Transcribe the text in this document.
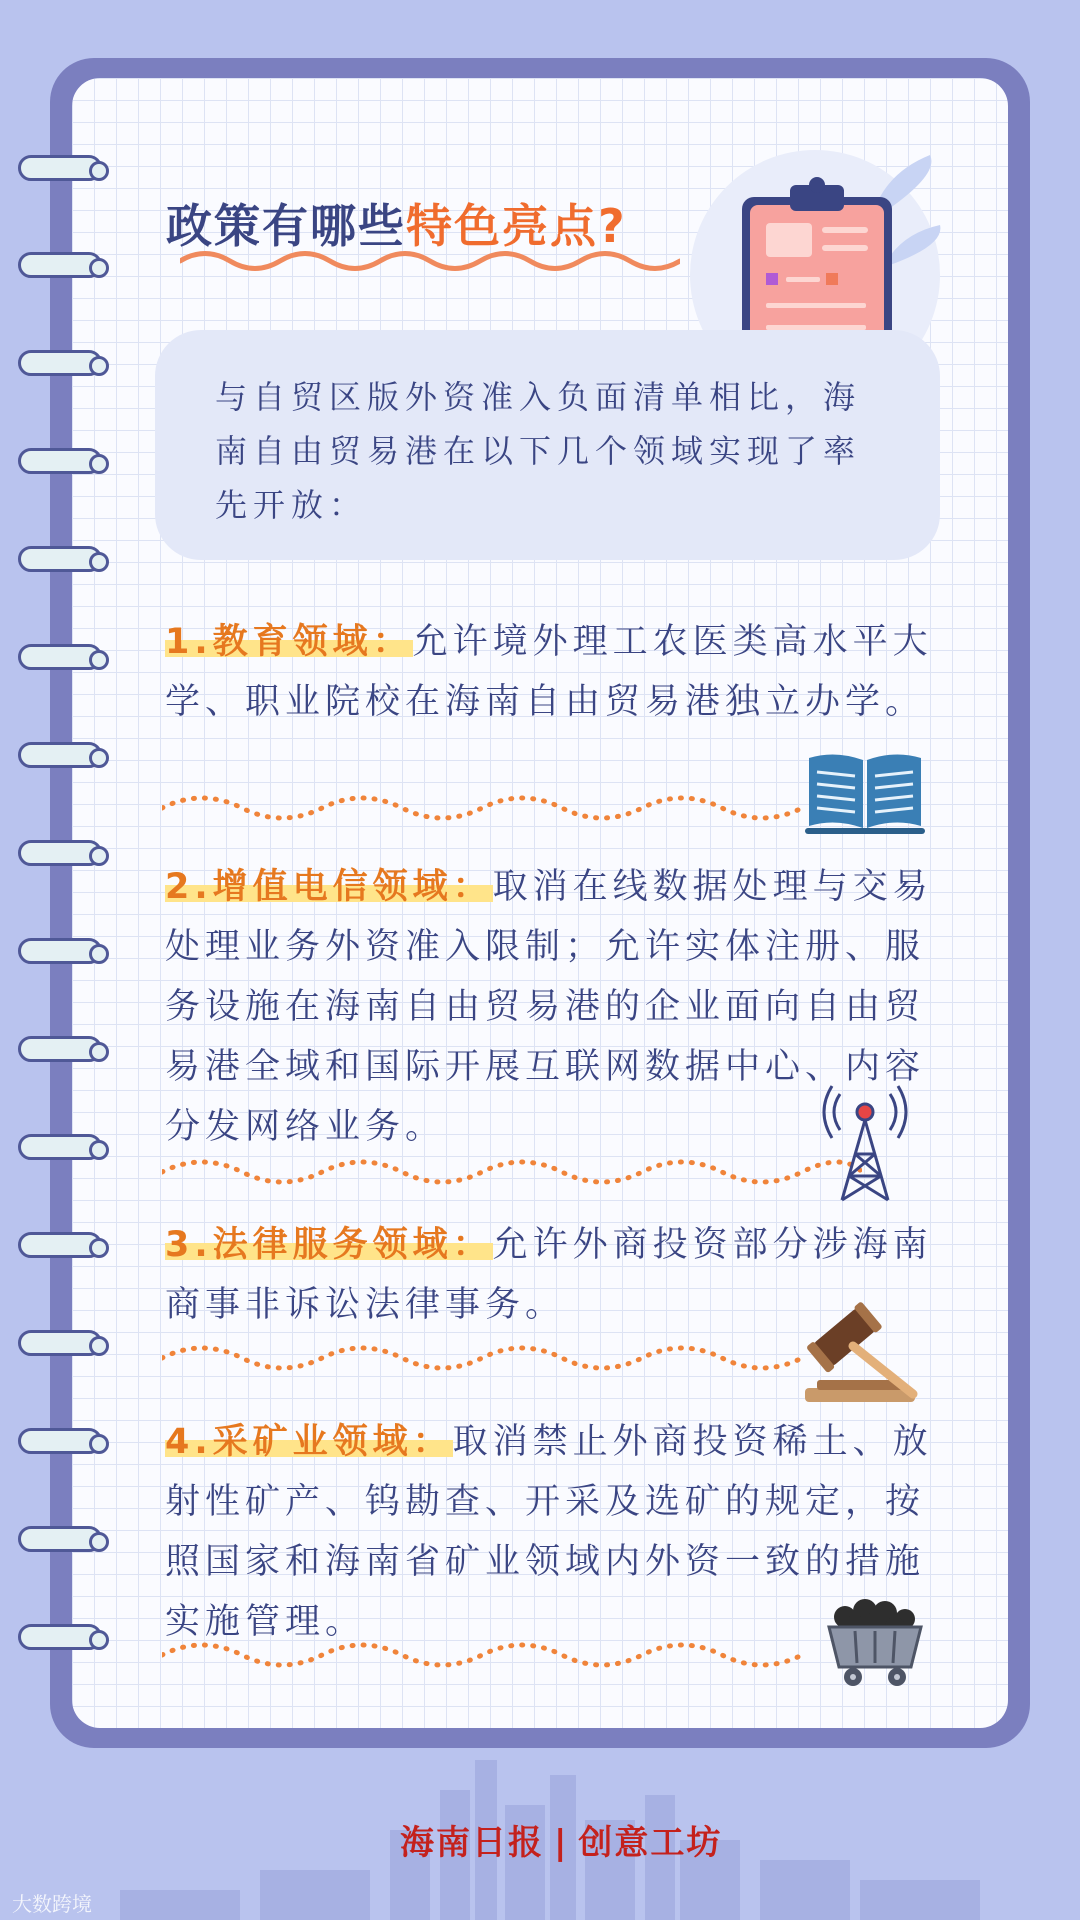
政策有哪些特色亮点?

与自贸区版外资准入负面清单相比，海南自由贸易港在以下几个领域实现了率先开放：

1.教育领域：允许境外理工农医类高水平大学、职业院校在海南自由贸易港独立办学。

2.增值电信领域：取消在线数据处理与交易处理业务外资准入限制；允许实体注册、服务设施在海南自由贸易港的企业面向自由贸易港全域和国际开展互联网数据中心、内容分发网络业务。

3.法律服务领域：允许外商投资部分涉海南商事非诉讼法律事务。

4.采矿业领域：取消禁止外商投资稀土、放射性矿产、钨勘查、开采及选矿的规定，按照国家和海南省矿业领域内外资一致的措施实施管理。

海南日报 | 创意工坊

大数跨境
